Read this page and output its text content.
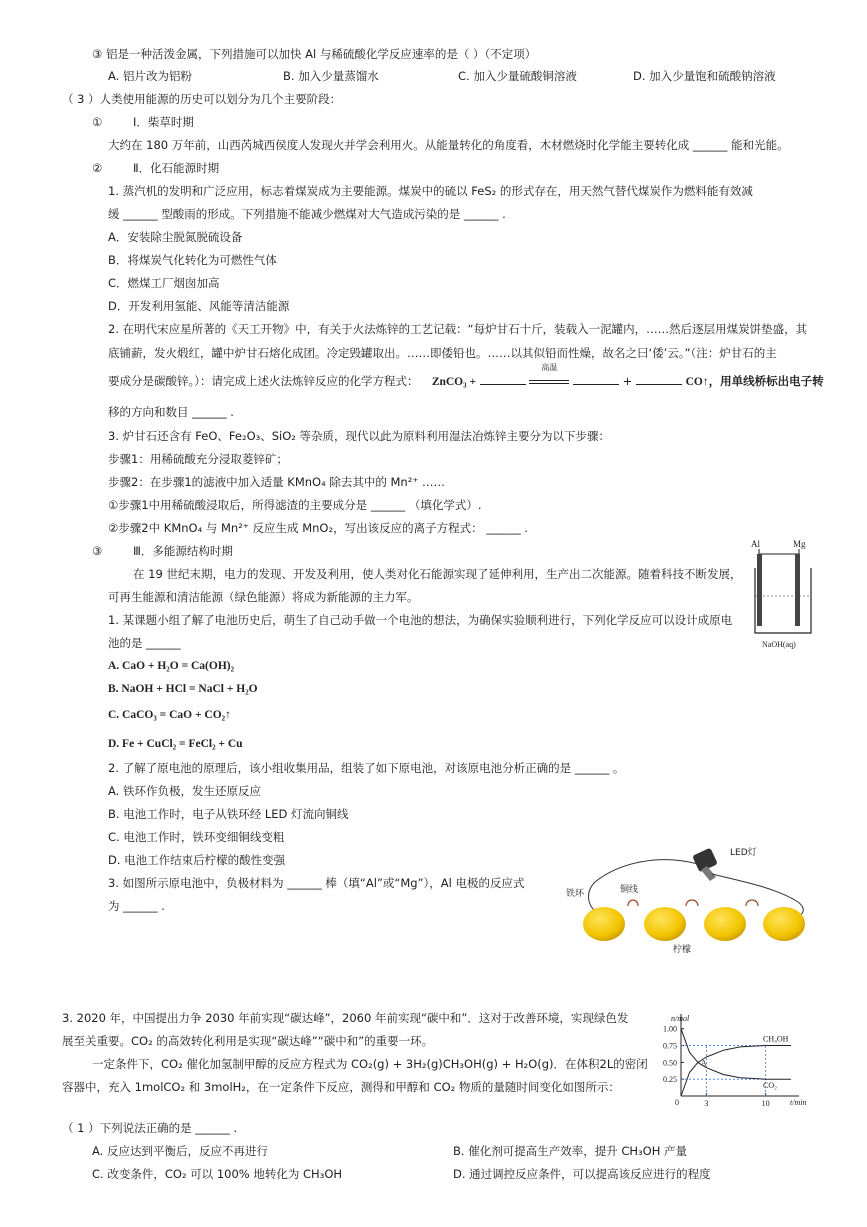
③ 铝是一种活泼金属，下列措施可以加快 Al 与稀硫酸化学反应速率的是（ ）（不定项）
A. 铝片改为铝粉	B. 加入少量蒸馏水	C. 加入少量硫酸铜溶液	D. 加入少量饱和硫酸钠溶液
（ 3 ）人类使用能源的历史可以划分为几个主要阶段：
①	Ⅰ．柴草时期
大约在 180 万年前，山西芮城西侯度人发现火并学会利用火。从能量转化的角度看，木材燃烧时化学能主要转化成 ______ 能和光能。
②	Ⅱ．化石能源时期
1. 蒸汽机的发明和广泛应用，标志着煤炭成为主要能源。煤炭中的硫以 FeS₂ 的形式存在，用天然气替代煤炭作为燃料能有效减
缓 ______ 型酸雨的形成。下列措施不能减少燃煤对大气造成污染的是 ______ .
A．安装除尘脱氮脱硫设备
B．将煤炭气化转化为可燃性气体
C．燃煤工厂烟囱加高
D．开发利用氢能、风能等清洁能源
2. 在明代宋应星所著的《天工开物》中，有关于火法炼锌的工艺记载：“每炉甘石十斤，装载入一泥罐内，……然后逐层用煤炭饼垫盛，其
底铺薪，发火煅红，罐中炉甘石熔化成团。冷定毁罐取出。……即倭铅也。……以其似铅而性燥，故名之曰‘倭’云。”（注：炉甘石的主
要成分是碳酸锌。）：请完成上述火法炼锌反应的化学方程式： ZnCO₃ +
高温
+	CO↑，用单线桥标出电子转
移的方向和数目 ______ .
3. 炉甘石还含有 FeO、Fe₂O₃、SiO₂ 等杂质，现代以此为原料利用湿法冶炼锌主要分为以下步骤：
步骤1：用稀硫酸充分浸取菱锌矿；
步骤2：在步骤1的滤液中加入适量 KMnO₄ 除去其中的 Mn²⁺ ……
①步骤1中用稀硫酸浸取后，所得滤渣的主要成分是 ______ （填化学式）.
②步骤2中 KMnO₄ 与 Mn²⁺ 反应生成 MnO₂，写出该反应的离子方程式： ______ .
③	Ⅲ．多能源结构时期
在 19 世纪末期，电力的发现、开发及利用，使人类对化石能源实现了延伸利用，生产出二次能源。随着科技不断发展，
可再生能源和清洁能源（绿色能源）将成为新能源的主力军。
1. 某课题小组了解了电池历史后，萌生了自己动手做一个电池的想法，为确保实验顺利进行，下列化学反应可以设计成原电
池的是 ______
A. CaO + H₂O = Ca(OH)₂
B. NaOH + HCl = NaCl + H₂O
C. CaCO₃ = CaO + CO₂↑
D. Fe + CuCl₂ = FeCl₂ + Cu
2. 了解了原电池的原理后，该小组收集用品，组装了如下原电池，对该原电池分析正确的是 ______ 。
A. 铁环作负极，发生还原反应
B. 电池工作时，电子从铁环经 LED 灯流向铜线
C. 电池工作时，铁环变细铜线变粗
D. 电池工作结束后柠檬的酸性变强
3. 如图所示原电池中，负极材料为 ______ 棒（填“Al”或“Mg”），Al 电极的反应式
为 ______ .
Al	Mg
NaOH(aq)
LED灯
铁环	铜线
柠檬
3. 2020 年，中国提出力争 2030 年前实现“碳达峰”，2060 年前实现“碳中和”．这对于改善环境，实现绿色发
展至关重要。CO₂ 的高效转化利用是实现“碳达峰”“碳中和”的重要一环。
一定条件下，CO₂ 催化加氢制甲醇的反应方程式为 CO₂(g) + 3H₂(g)CH₃OH(g) + H₂O(g)．在体积2L的密闭
容器中，充入 1molCO₂ 和 3molH₂，在一定条件下反应，测得和甲醇和 CO₂ 物质的量随时间变化如图所示：
（ 1 ）下列说法正确的是 ______ .
A. 反应达到平衡后，反应不再进行	B. 催化剂可提高生产效率，提升 CH₃OH 产量
C. 改变条件，CO₂ 可以 100% 地转化为 CH₃OH	D. 通过调控反应条件，可以提高该反应进行的程度
n/mol
t/min
1.00
0.75
0.50
0.25
3	10
0
CH₃OH
CO₂
A
